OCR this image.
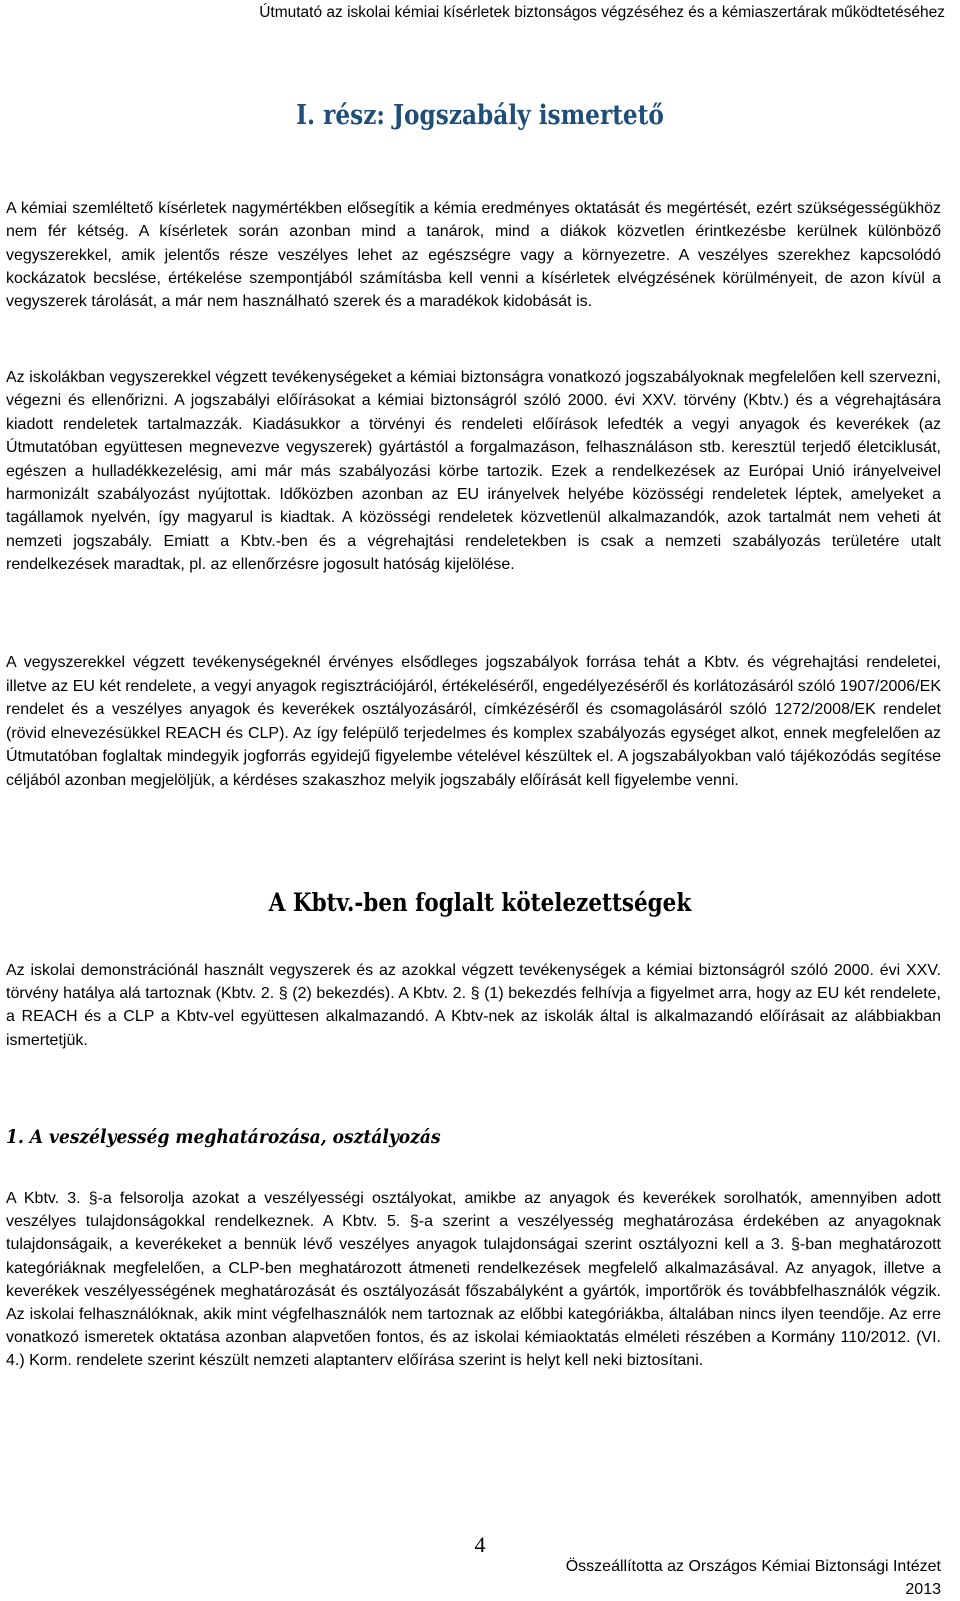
Útmutató az iskolai kémiai kísérletek biztonságos végzéséhez és a kémiaszertárak működtetéséhez
I. rész: Jogszabály ismertető

A kémiai szemléltető kísérletek nagymértékben elősegítik a kémia eredményes oktatását és megértését, ezért szükségességükhöz nem fér kétség. A kísérletek során azonban mind a tanárok, mind a diákok közvetlen érintkezésbe kerülnek különböző vegyszerekkel, amik jelentős része veszélyes lehet az egészségre vagy a környezetre. A veszélyes szerekhez kapcsolódó kockázatok becslése, értékelése szempontjából számításba kell venni a kísérletek elvégzésének körülményeit, de azon kívül a vegyszerek tárolását, a már nem használható szerek és a maradékok kidobását is.

Az iskolákban vegyszerekkel végzett tevékenységeket a kémiai biztonságra vonatkozó jogszabályoknak megfelelően kell szervezni, végezni és ellenőrizni. A jogszabályi előírásokat a kémiai biztonságról szóló 2000. évi XXV. törvény (Kbtv.) és a végrehajtására kiadott rendeletek tartalmazzák. Kiadásukkor a törvényi és rendeleti előírások lefedték a vegyi anyagok és keverékek (az Útmutatóban együttesen megnevezve vegyszerek) gyártástól a forgalmazáson, felhasználáson stb. keresztül terjedő életciklusát, egészen a hulladékkezelésig, ami már más szabályozási körbe tartozik. Ezek a rendelkezések az Európai Unió irányelveivel harmonizált szabályozást nyújtottak. Időközben azonban az EU irányelvek helyébe közösségi rendeletek léptek, amelyeket a tagállamok nyelvén, így magyarul is kiadtak. A közösségi rendeletek közvetlenül alkalmazandók, azok tartalmát nem veheti át nemzeti jogszabály. Emiatt a Kbtv.-ben és a végrehajtási rendeletekben is csak a nemzeti szabályozás területére utalt rendelkezések maradtak, pl. az ellenőrzésre jogosult hatóság kijelölése.

A vegyszerekkel végzett tevékenységeknél érvényes elsődleges jogszabályok forrása tehát a Kbtv. és végrehajtási rendeletei, illetve az EU két rendelete, a vegyi anyagok regisztrációjáról, értékeléséről, engedélyezéséről és korlátozásáról szóló 1907/2006/EK rendelet és a veszélyes anyagok és keverékek osztályozásáról, címkézéséről és csomagolásáról szóló 1272/2008/EK rendelet (rövid elnevezésükkel REACH és CLP). Az így felépülő terjedelmes és komplex szabályozás egységet alkot, ennek megfelelően az Útmutatóban foglaltak mindegyik jogforrás egyidejű figyelembe vételével készültek el. A jogszabályokban való tájékozódás segítése céljából azonban megjelöljük, a kérdéses szakaszhoz melyik jogszabály előírását kell figyelembe venni.

A Kbtv.-ben foglalt kötelezettségek

Az iskolai demonstrációnál használt vegyszerek és az azokkal végzett tevékenységek a kémiai biztonságról szóló 2000. évi XXV. törvény hatálya alá tartoznak (Kbtv. 2. § (2) bekezdés). A Kbtv. 2. § (1) bekezdés felhívja a figyelmet arra, hogy az EU két rendelete, a REACH és a CLP a Kbtv-vel együttesen alkalmazandó. A Kbtv-nek az iskolák által is alkalmazandó előírásait az alábbiakban ismertetjük.

1. A veszélyesség meghatározása, osztályozás

A Kbtv. 3. §-a felsorolja azokat a veszélyességi osztályokat, amikbe az anyagok és keverékek sorolhatók, amennyiben adott veszélyes tulajdonságokkal rendelkeznek. A Kbtv. 5. §-a szerint a veszélyesség meghatározása érdekében az anyagoknak tulajdonságaik, a keverékeket a bennük lévő veszélyes anyagok tulajdonságai szerint osztályozni kell a 3. §-ban meghatározott kategóriáknak megfelelően, a CLP-ben meghatározott átmeneti rendelkezések megfelelő alkalmazásával. Az anyagok, illetve a keverékek veszélyességének meghatározását és osztályozását főszabályként a gyártók, importőrök és továbbfelhasználók végzik. Az iskolai felhasználóknak, akik mint végfelhasználók nem tartoznak az előbbi kategóriákba, általában nincs ilyen teendője. Az erre vonatkozó ismeretek oktatása azonban alapvetően fontos, és az iskolai kémiaoktatás elméleti részében a Kormány 110/2012. (VI. 4.) Korm. rendelete szerint készült nemzeti alaptanterv előírása szerint is helyt kell neki biztosítani.

4
Összeállította az Országos Kémiai Biztonsági Intézet
2013
